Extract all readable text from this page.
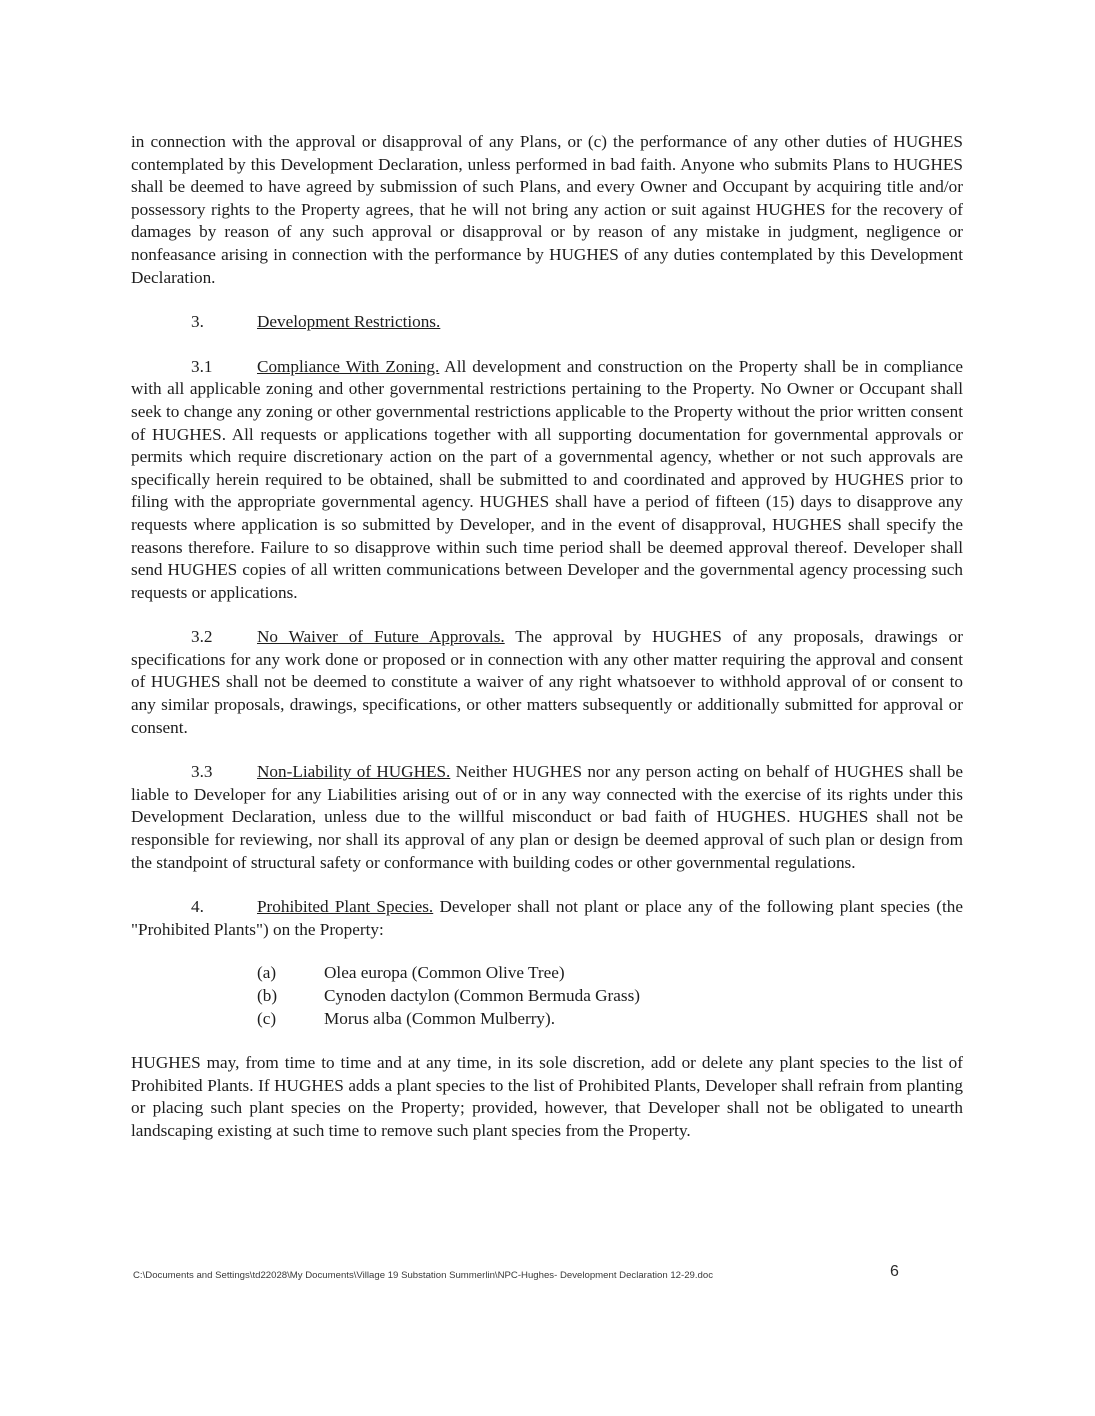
in connection with the approval or disapproval of any Plans, or (c) the performance of any other duties of HUGHES contemplated by this Development Declaration, unless performed in bad faith. Anyone who submits Plans to HUGHES shall be deemed to have agreed by submission of such Plans, and every Owner and Occupant by acquiring title and/or possessory rights to the Property agrees, that he will not bring any action or suit against HUGHES for the recovery of damages by reason of any such approval or disapproval or by reason of any mistake in judgment, negligence or nonfeasance arising in connection with the performance by HUGHES of any duties contemplated by this Development Declaration.

3.	Development Restrictions.

3.1	Compliance With Zoning. All development and construction on the Property shall be in compliance with all applicable zoning and other governmental restrictions pertaining to the Property. No Owner or Occupant shall seek to change any zoning or other governmental restrictions applicable to the Property without the prior written consent of HUGHES. All requests or applications together with all supporting documentation for governmental approvals or permits which require discretionary action on the part of a governmental agency, whether or not such approvals are specifically herein required to be obtained, shall be submitted to and coordinated and approved by HUGHES prior to filing with the appropriate governmental agency. HUGHES shall have a period of fifteen (15) days to disapprove any requests where application is so submitted by Developer, and in the event of disapproval, HUGHES shall specify the reasons therefore. Failure to so disapprove within such time period shall be deemed approval thereof. Developer shall send HUGHES copies of all written communications between Developer and the governmental agency processing such requests or applications.

3.2	No Waiver of Future Approvals. The approval by HUGHES of any proposals, drawings or specifications for any work done or proposed or in connection with any other matter requiring the approval and consent of HUGHES shall not be deemed to constitute a waiver of any right whatsoever to withhold approval of or consent to any similar proposals, drawings, specifications, or other matters subsequently or additionally submitted for approval or consent.

3.3	Non-Liability of HUGHES. Neither HUGHES nor any person acting on behalf of HUGHES shall be liable to Developer for any Liabilities arising out of or in any way connected with the exercise of its rights under this Development Declaration, unless due to the willful misconduct or bad faith of HUGHES. HUGHES shall not be responsible for reviewing, nor shall its approval of any plan or design be deemed approval of such plan or design from the standpoint of structural safety or conformance with building codes or other governmental regulations.

4.	Prohibited Plant Species. Developer shall not plant or place any of the following plant species (the "Prohibited Plants") on the Property:

(a)	Olea europa (Common Olive Tree)
(b)	Cynoden dactylon (Common Bermuda Grass)
(c)	Morus alba (Common Mulberry).

HUGHES may, from time to time and at any time, in its sole discretion, add or delete any plant species to the list of Prohibited Plants. If HUGHES adds a plant species to the list of Prohibited Plants, Developer shall refrain from planting or placing such plant species on the Property; provided, however, that Developer shall not be obligated to unearth landscaping existing at such time to remove such plant species from the Property.

C:\Documents and Settings\td22028\My Documents\Village 19 Substation Summerlin\NPC-Hughes- Development Declaration 12-29.doc	6
